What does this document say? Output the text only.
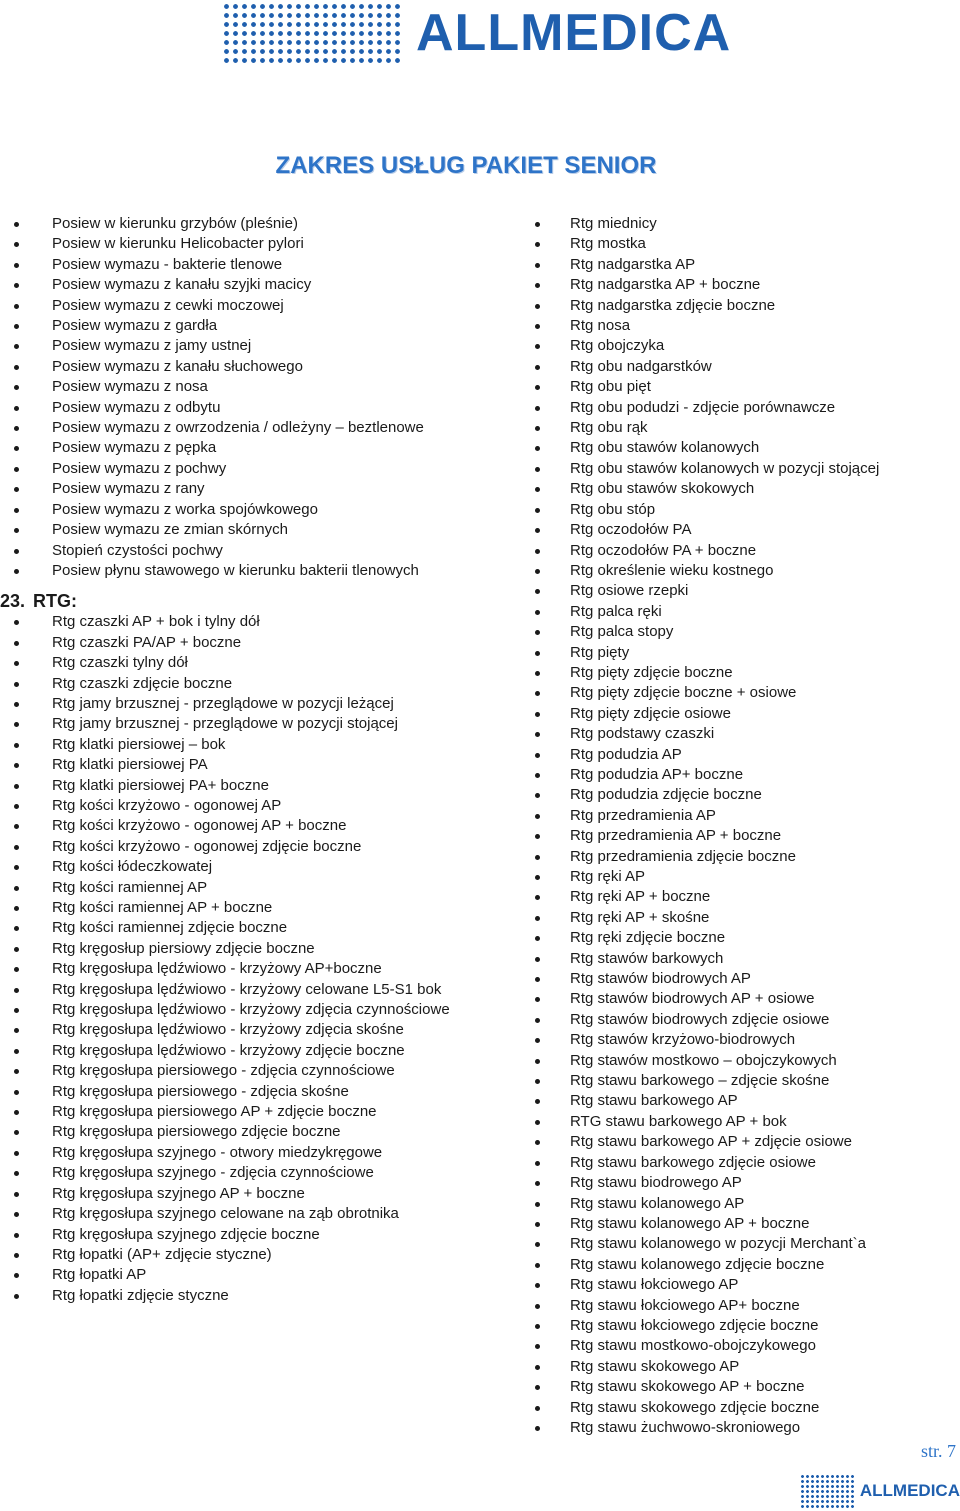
ALLMEDICA
ZAKRES USŁUG PAKIET SENIOR
Posiew w kierunku grzybów (pleśnie)
Posiew w kierunku Helicobacter pylori
Posiew wymazu - bakterie tlenowe
Posiew wymazu z kanału szyjki macicy
Posiew wymazu z cewki moczowej
Posiew wymazu z gardła
Posiew wymazu z jamy ustnej
Posiew wymazu z kanału słuchowego
Posiew wymazu z nosa
Posiew wymazu z odbytu
Posiew wymazu z owrzodzenia / odleżyny – beztlenowe
Posiew wymazu z pępka
Posiew wymazu z pochwy
Posiew wymazu z rany
Posiew wymazu z worka spojówkowego
Posiew wymazu ze zmian skórnych
Stopień czystości pochwy
Posiew płynu stawowego w kierunku bakterii tlenowych
23. RTG:
Rtg czaszki AP + bok i tylny dół
Rtg czaszki PA/AP + boczne
Rtg czaszki tylny dół
Rtg czaszki zdjęcie boczne
Rtg jamy brzusznej - przeglądowe w pozycji leżącej
Rtg jamy brzusznej - przeglądowe w pozycji stojącej
Rtg klatki piersiowej – bok
Rtg klatki piersiowej PA
Rtg klatki piersiowej PA+ boczne
Rtg kości krzyżowo - ogonowej AP
Rtg kości krzyżowo - ogonowej AP + boczne
Rtg kości krzyżowo - ogonowej zdjęcie boczne
Rtg kości łódeczkowatej
Rtg kości ramiennej AP
Rtg kości ramiennej AP + boczne
Rtg kości ramiennej zdjęcie boczne
Rtg kręgosłup piersiowy zdjęcie boczne
Rtg kręgosłupa lędźwiowo - krzyżowy AP+boczne
Rtg kręgosłupa lędźwiowo - krzyżowy celowane L5-S1 bok
Rtg kręgosłupa lędźwiowo - krzyżowy zdjęcia czynnościowe
Rtg kręgosłupa lędźwiowo - krzyżowy zdjęcia skośne
Rtg kręgosłupa lędźwiowo - krzyżowy zdjęcie boczne
Rtg kręgosłupa piersiowego - zdjęcia czynnościowe
Rtg kręgosłupa piersiowego - zdjęcia skośne
Rtg kręgosłupa piersiowego AP + zdjęcie boczne
Rtg kręgosłupa piersiowego zdjęcie boczne
Rtg kręgosłupa szyjnego - otwory miedzykręgowe
Rtg kręgosłupa szyjnego - zdjęcia czynnościowe
Rtg kręgosłupa szyjnego AP + boczne
Rtg kręgosłupa szyjnego celowane na ząb obrotnika
Rtg kręgosłupa szyjnego zdjęcie boczne
Rtg łopatki (AP+ zdjęcie styczne)
Rtg łopatki AP
Rtg łopatki zdjęcie styczne
Rtg miednicy
Rtg mostka
Rtg nadgarstka AP
Rtg nadgarstka AP + boczne
Rtg nadgarstka zdjęcie boczne
Rtg nosa
Rtg obojczyka
Rtg obu nadgarstków
Rtg obu pięt
Rtg obu podudzi - zdjęcie porównawcze
Rtg obu rąk
Rtg obu stawów kolanowych
Rtg obu stawów kolanowych w pozycji stojącej
Rtg obu stawów skokowych
Rtg obu stóp
Rtg oczodołów PA
Rtg oczodołów PA + boczne
Rtg określenie wieku kostnego
Rtg osiowe rzepki
Rtg palca ręki
Rtg palca stopy
Rtg pięty
Rtg pięty zdjęcie boczne
Rtg pięty zdjęcie boczne + osiowe
Rtg pięty zdjęcie osiowe
Rtg podstawy czaszki
Rtg podudzia AP
Rtg podudzia AP+ boczne
Rtg podudzia zdjęcie boczne
Rtg przedramienia AP
Rtg przedramienia AP + boczne
Rtg przedramienia zdjęcie boczne
Rtg ręki AP
Rtg ręki AP + boczne
Rtg ręki AP + skośne
Rtg ręki zdjęcie boczne
Rtg stawów barkowych
Rtg stawów biodrowych AP
Rtg stawów biodrowych AP + osiowe
Rtg stawów biodrowych zdjęcie osiowe
Rtg stawów krzyżowo-biodrowych
Rtg stawów mostkowo – obojczykowych
Rtg stawu barkowego – zdjęcie skośne
Rtg stawu barkowego AP
RTG stawu barkowego AP + bok
Rtg stawu barkowego AP + zdjęcie osiowe
Rtg stawu barkowego zdjęcie osiowe
Rtg stawu biodrowego AP
Rtg stawu kolanowego AP
Rtg stawu kolanowego AP + boczne
Rtg stawu kolanowego w pozycji Merchant`a
Rtg stawu kolanowego zdjęcie boczne
Rtg stawu łokciowego AP
Rtg stawu łokciowego AP+ boczne
Rtg stawu łokciowego zdjęcie boczne
Rtg stawu mostkowo-obojczykowego
Rtg stawu skokowego AP
Rtg stawu skokowego AP + boczne
Rtg stawu skokowego zdjęcie boczne
Rtg stawu żuchwowo-skroniowego
str. 7
ALLMEDICA
